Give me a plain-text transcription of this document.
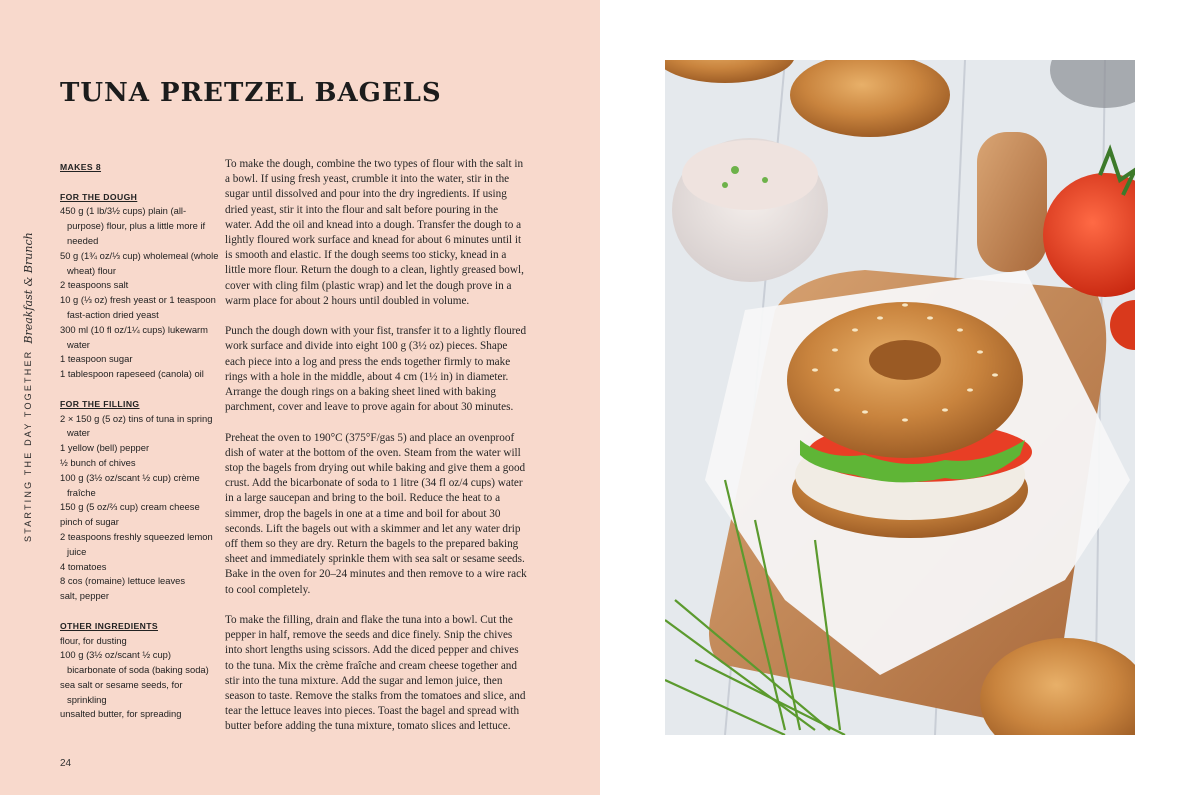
TUNA PRETZEL BAGELS
STARTING THE DAY TOGETHER
Breakfast & Brunch
MAKES 8
FOR THE DOUGH
450 g (1 lb/3½ cups) plain (all-purpose) flour, plus a little more if needed
50 g (1¾ oz/⅓ cup) wholemeal (whole wheat) flour
2 teaspoons salt
10 g (⅓ oz) fresh yeast or 1 teaspoon fast-action dried yeast
300 ml (10 fl oz/1¼ cups) lukewarm water
1 teaspoon sugar
1 tablespoon rapeseed (canola) oil
FOR THE FILLING
2 × 150 g (5 oz) tins of tuna in spring water
1 yellow (bell) pepper
½ bunch of chives
100 g (3½ oz/scant ½ cup) crème fraîche
150 g (5 oz/⅔ cup) cream cheese
pinch of sugar
2 teaspoons freshly squeezed lemon juice
4 tomatoes
8 cos (romaine) lettuce leaves
salt, pepper
OTHER INGREDIENTS
flour, for dusting
100 g (3½ oz/scant ½ cup) bicarbonate of soda (baking soda)
sea salt or sesame seeds, for sprinkling
unsalted butter, for spreading

To make the dough, combine the two types of flour with the salt in a bowl. If using fresh yeast, crumble it into the water, stir in the sugar until dissolved and pour into the dry ingredients. If using dried yeast, stir it into the flour and salt before pouring in the water. Add the oil and knead into a dough. Transfer the dough to a lightly floured work surface and knead for about 6 minutes until it is smooth and elastic. If the dough seems too sticky, knead in a little more flour. Return the dough to a clean, lightly greased bowl, cover with cling film (plastic wrap) and let the dough prove in a warm place for about 2 hours until doubled in volume.

Punch the dough down with your fist, transfer it to a lightly floured work surface and divide into eight 100 g (3½ oz) pieces. Shape each piece into a log and press the ends together firmly to make rings with a hole in the middle, about 4 cm (1½ in) in diameter. Arrange the dough rings on a baking sheet lined with baking parchment, cover and leave to prove again for about 30 minutes.

Preheat the oven to 190°C (375°F/gas 5) and place an ovenproof dish of water at the bottom of the oven. Steam from the water will stop the bagels from drying out while baking and give them a good crust. Add the bicarbonate of soda to 1 litre (34 fl oz/4 cups) water in a large saucepan and bring to the boil. Reduce the heat to a simmer, drop the bagels in one at a time and boil for about 30 seconds. Lift the bagels out with a skimmer and let any water drip off them so they are dry. Return the bagels to the prepared baking sheet and immediately sprinkle them with sea salt or sesame seeds. Bake in the oven for 20–24 minutes and then remove to a wire rack to cool completely.

To make the filling, drain and flake the tuna into a bowl. Cut the pepper in half, remove the seeds and dice finely. Snip the chives into short lengths using scissors. Add the diced pepper and chives to the tuna. Mix the crème fraîche and cream cheese together and stir into the tuna mixture. Add the sugar and lemon juice, then season to taste. Remove the stalks from the tomatoes and slice, and tear the lettuce leaves into pieces. Toast the bagel and spread with butter before adding the tuna mixture, tomato slices and lettuce.

24
